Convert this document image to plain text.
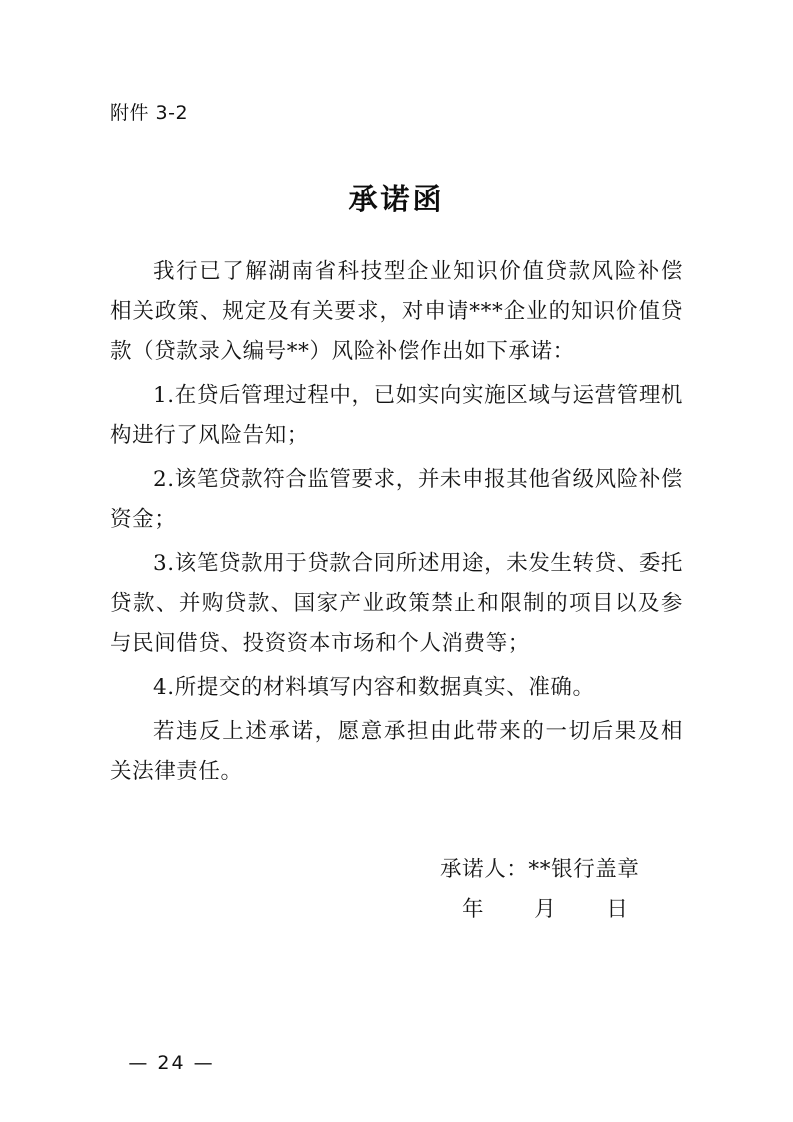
附件 3-2
承诺函

我行已了解湖南省科技型企业知识价值贷款风险补偿相关政策、规定及有关要求，对申请***企业的知识价值贷款（贷款录入编号**）风险补偿作出如下承诺：

1.在贷后管理过程中，已如实向实施区域与运营管理机构进行了风险告知；

2.该笔贷款符合监管要求，并未申报其他省级风险补偿资金；

3.该笔贷款用于贷款合同所述用途，未发生转贷、委托贷款、并购贷款、国家产业政策禁止和限制的项目以及参与民间借贷、投资资本市场和个人消费等；

4.所提交的材料填写内容和数据真实、准确。

若违反上述承诺，愿意承担由此带来的一切后果及相关法律责任。

承诺人：**银行盖章
年 月 日
— 24 —
